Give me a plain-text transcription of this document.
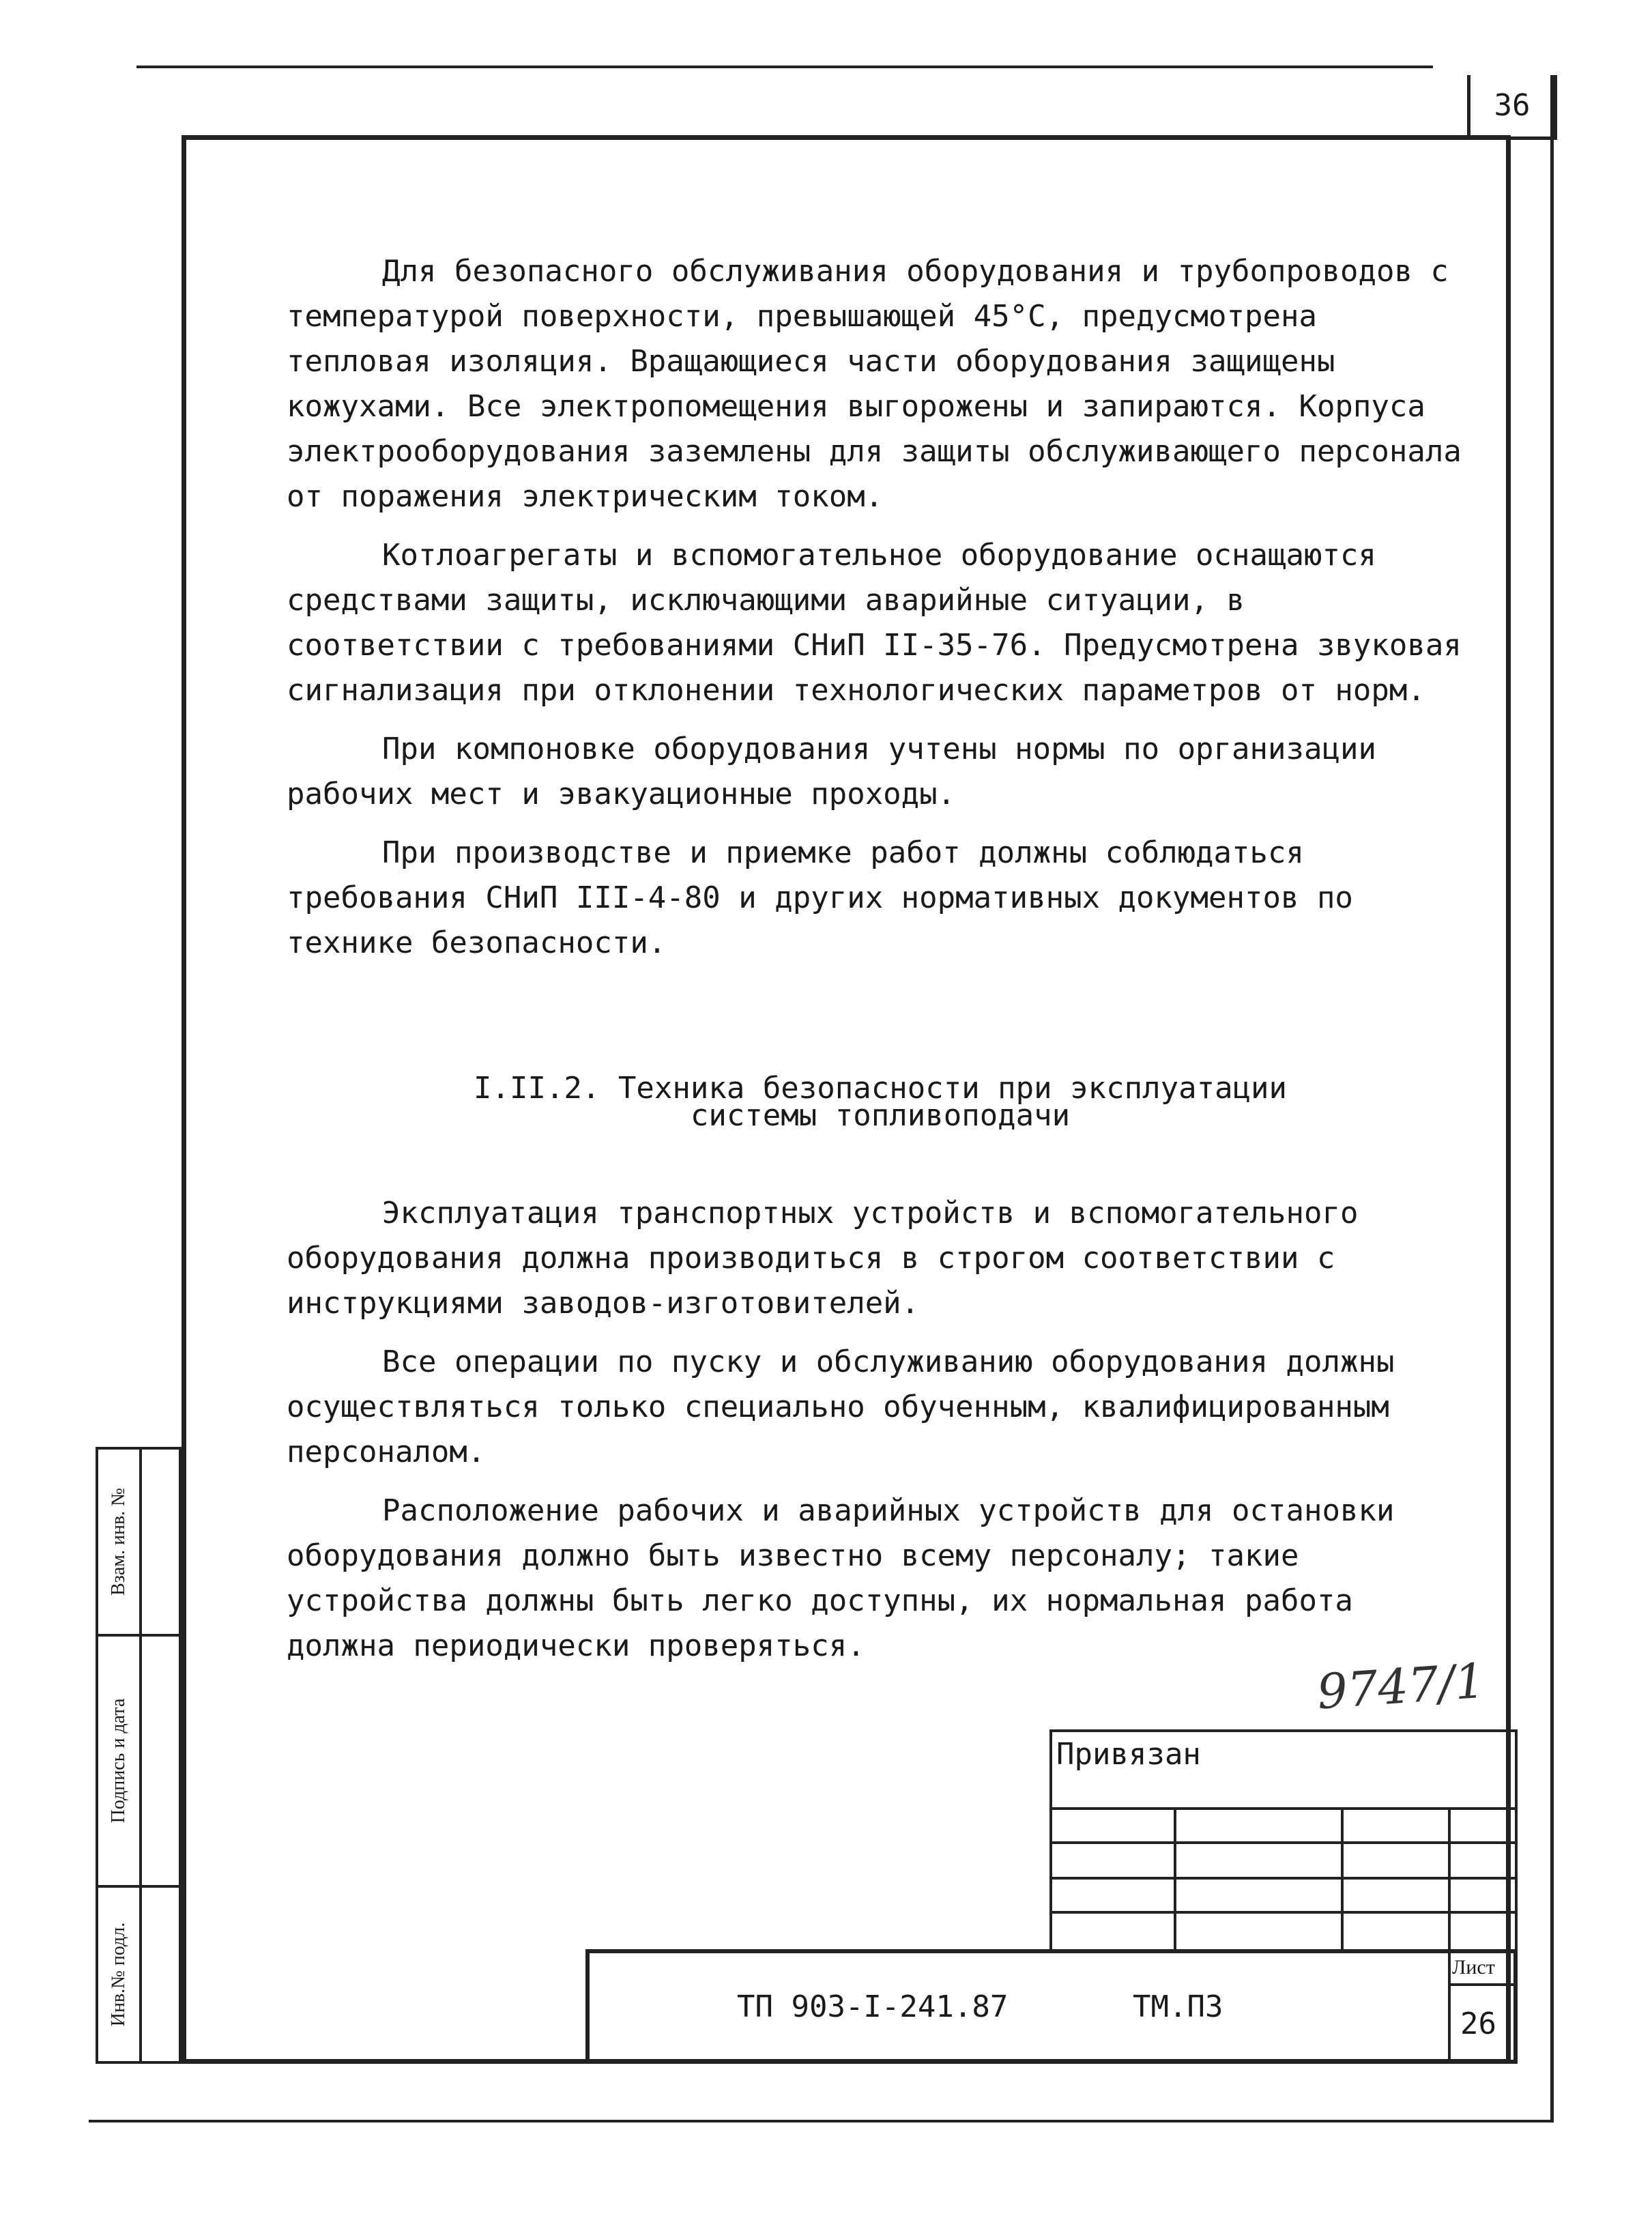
36

Для безопасного обслуживания оборудования и трубопроводов с температурой поверхности, превышающей 45°С, предусмотрена тепловая изоляция. Вращающиеся части оборудования защищены кожухами. Все электропомещения выгорожены и запираются. Корпуса электрооборудования заземлены для защиты обслуживающего персонала от поражения электрическим током.

Котлоагрегаты и вспомогательное оборудование оснащаются средствами защиты, исключающими аварийные ситуации, в соответствии с требованиями СНиП II-35-76. Предусмотрена звуковая сигнализация при отклонении технологических параметров от норм.

При компоновке оборудования учтены нормы по организации рабочих мест и эвакуационные проходы.

При производстве и приемке работ должны соблюдаться требования СНиП III-4-80 и других нормативных документов по технике безопасности.

I.II.2. Техника безопасности при эксплуатации
системы топливоподачи

Эксплуатация транспортных устройств и вспомогательного оборудования должна производиться в строгом соответствии с инструкциями заводов-изготовителей.

Все операции по пуску и обслуживанию оборудования должны осуществляться только специально обученным, квалифицированным персоналом.

Расположение рабочих и аварийных устройств для остановки оборудования должно быть известно всему персоналу; такие устройства должны быть легко доступны, их нормальная работа должна периодически проверяться.

Взам. инв. №
Подпись и дата
Инв.№ подл.
9747/1
Привязан
ТП 903-I-241.87	ТМ.ПЗ
Лист
26
